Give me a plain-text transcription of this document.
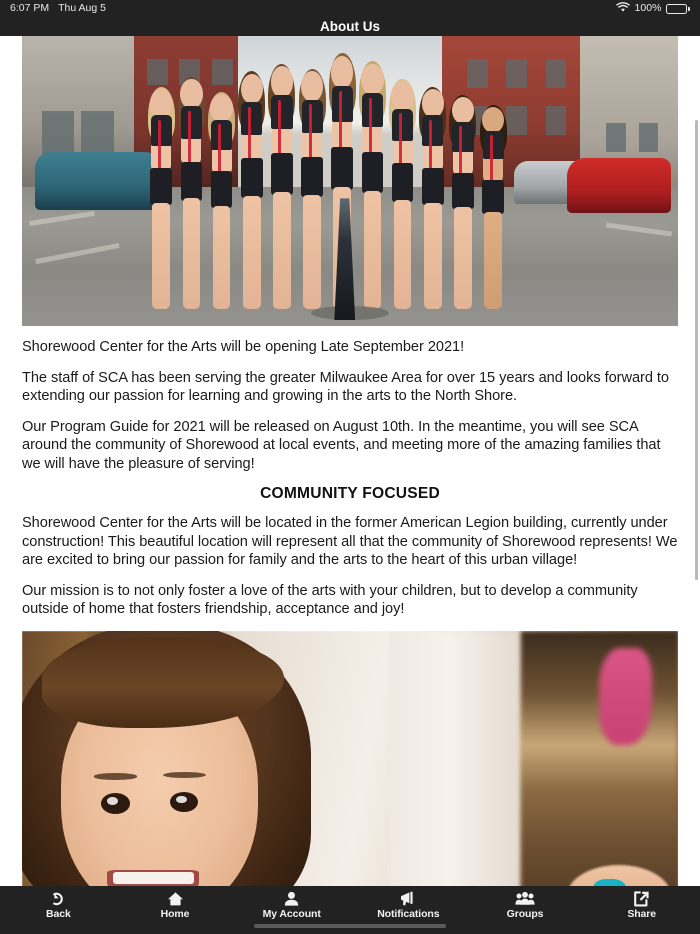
6:07 PM Thu Aug 5	100%
About Us

Shorewood Center for the Arts will be opening Late September 2021!

The staff of SCA has been serving the greater Milwaukee Area for over 15 years and looks forward to extending our passion for learning and growing in the arts to the North Shore.

Our Program Guide for 2021 will be released on August 10th. In the meantime, you will see SCA around the community of Shorewood at local events, and meeting more of the amazing families that we will have the pleasure of serving!

COMMUNITY FOCUSED

Shorewood Center for the Arts will be located in the former American Legion building, currently under construction! This beautiful location will represent all that the community of Shorewood represents! We are excited to bring our passion for family and the arts to the heart of this urban village!

Our mission is to not only foster a love of the arts with your children, but to develop a community outside of home that fosters friendship, acceptance and joy!

Back	Home	My Account	Notifications	Groups	Share
